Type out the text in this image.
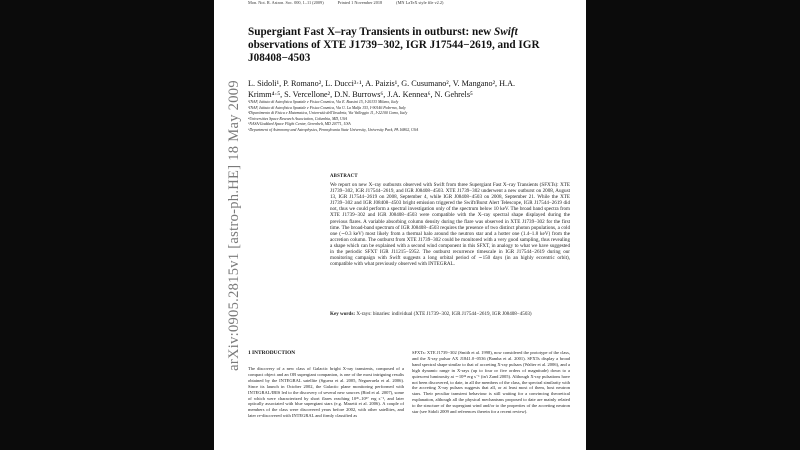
arXiv:0905.2815v1 [astro-ph.HE] 18 May 2009
Mon. Not. R. Astron. Soc. 000, 1–11 (2009)	Printed 1 November 2018	(MN LaTeX style file v2.2)
Supergiant Fast X–ray Transients in outburst: new Swift observations of XTE J1739−302, IGR J17544−2619, and IGR J08408−4503
L. Sidoli¹, P. Romano², L. Ducci³·¹, A. Paizis¹, G. Cusumano², V. Mangano², H.A. Krimm⁴·⁵, S. Vercellone², D.N. Burrows⁶, J.A. Kennea⁶, N. Gehrels⁵
¹INAF, Istituto di Astrofisica Spaziale e Fisica Cosmica, Via E. Bassini 15, I-20133 Milano, Italy
²INAF, Istituto di Astrofisica Spaziale e Fisica Cosmica, Via U. La Malfa 153, I-90146 Palermo, Italy
³Dipartimento di Fisica e Matematica, Università dell'Insubria, Via Valleggio 11, I-22100 Como, Italy
⁴Universities Space Research Association, Columbia, MD, USA
⁵NASA/Goddard Space Flight Center, Greenbelt, MD 20771, USA
⁶Department of Astronomy and Astrophysics, Pennsylvania State University, University Park, PA 16802, USA
ABSTRACT
We report on new X–ray outbursts observed with Swift from three Supergiant Fast X–ray Transients (SFXTs): XTE J1739−302, IGR J17544−2619, and IGR J08408−4503. XTE J1739−302 underwent a new outburst on 2008, August 13, IGR J17544−2619 on 2008, September 4, while IGR J08408−4503 on 2008, September 21. While the XTE J1739−302 and IGR J08408−4503 bright emission triggered the Swift/Burst Alert Telescope, IGR J17544−2619 did not, thus we could perform a spectral investigation only of the spectrum below 10 keV. The broad band spectra from XTE J1739−302 and IGR J08408−4503 were compatible with the X–ray spectral shape displayed during the previous flares. A variable absorbing column density during the flare was observed in XTE J1739−302 for the first time. The broad-band spectrum of IGR J08408−4503 requires the presence of two distinct photon populations, a cold one (∼0.3 keV) most likely from a thermal halo around the neutron star and a hotter one (1.4–1.8 keV) from the accretion column. The outburst from XTE J1739−302 could be monitored with a very good sampling, thus revealing a shape which can be explained with a second wind component in this SFXT, in analogy to what we have suggested in the periodic SFXT IGR J11215−5952. The outburst recurrence timescale in IGR J17544−2619 during our monitoring campaign with Swift suggests a long orbital period of ∼150 days (in an highly eccentric orbit), compatible with what previously observed with INTEGRAL.
Key words: X-rays: binaries: individual (XTE J1739−302, IGR J17544−2619, IGR J08408−4503)
1 INTRODUCTION
The discovery of a new class of Galactic bright X-ray transients, composed of a compact object and an OB supergiant companion, is one of the most intriguing results obtained by the INTEGRAL satellite (Sguera et al. 2005, Negueruela et al. 2006). Since its launch in October 2002, the Galactic plane monitoring performed with INTEGRAL/IBIS led to the discovery of several new sources (Bird et al. 2007), some of which were characterized by short flares reaching 10³⁶–10³⁷ erg s⁻¹, and later optically associated with blue supergiant stars (e.g. Masetti et al. 2006). A couple of members of the class were discovered years before 2002, with other satellites, and later re-discovered with INTEGRAL and firmly classified as
SFXTs: XTE J1739−302 (Smith et al. 1998), now considered the prototype of the class, and the X-ray pulsar AX J1841.0−0536 (Bamba et al. 2001). SFXTs display a broad band spectral shape similar to that of accreting X-ray pulsars (Walter et al. 2006), and a high dynamic range in X-rays (up to four or five orders of magnitude) down to a quiescent luminosity at ∼10³² erg s⁻¹ (in't Zand 2005). Although X-ray pulsations have not been discovered, to date, in all the members of the class, the spectral similarity with the accreting X-ray pulsars suggests that all, or at least most of them, host neutron stars. Their peculiar transient behaviour is still waiting for a convincing theoretical explanation, although all the physical mechanisms proposed to date are mainly related to the structure of the supergiant wind and/or to the properties of the accreting neutron star (see Sidoli 2009 and references therein for a recent review).
